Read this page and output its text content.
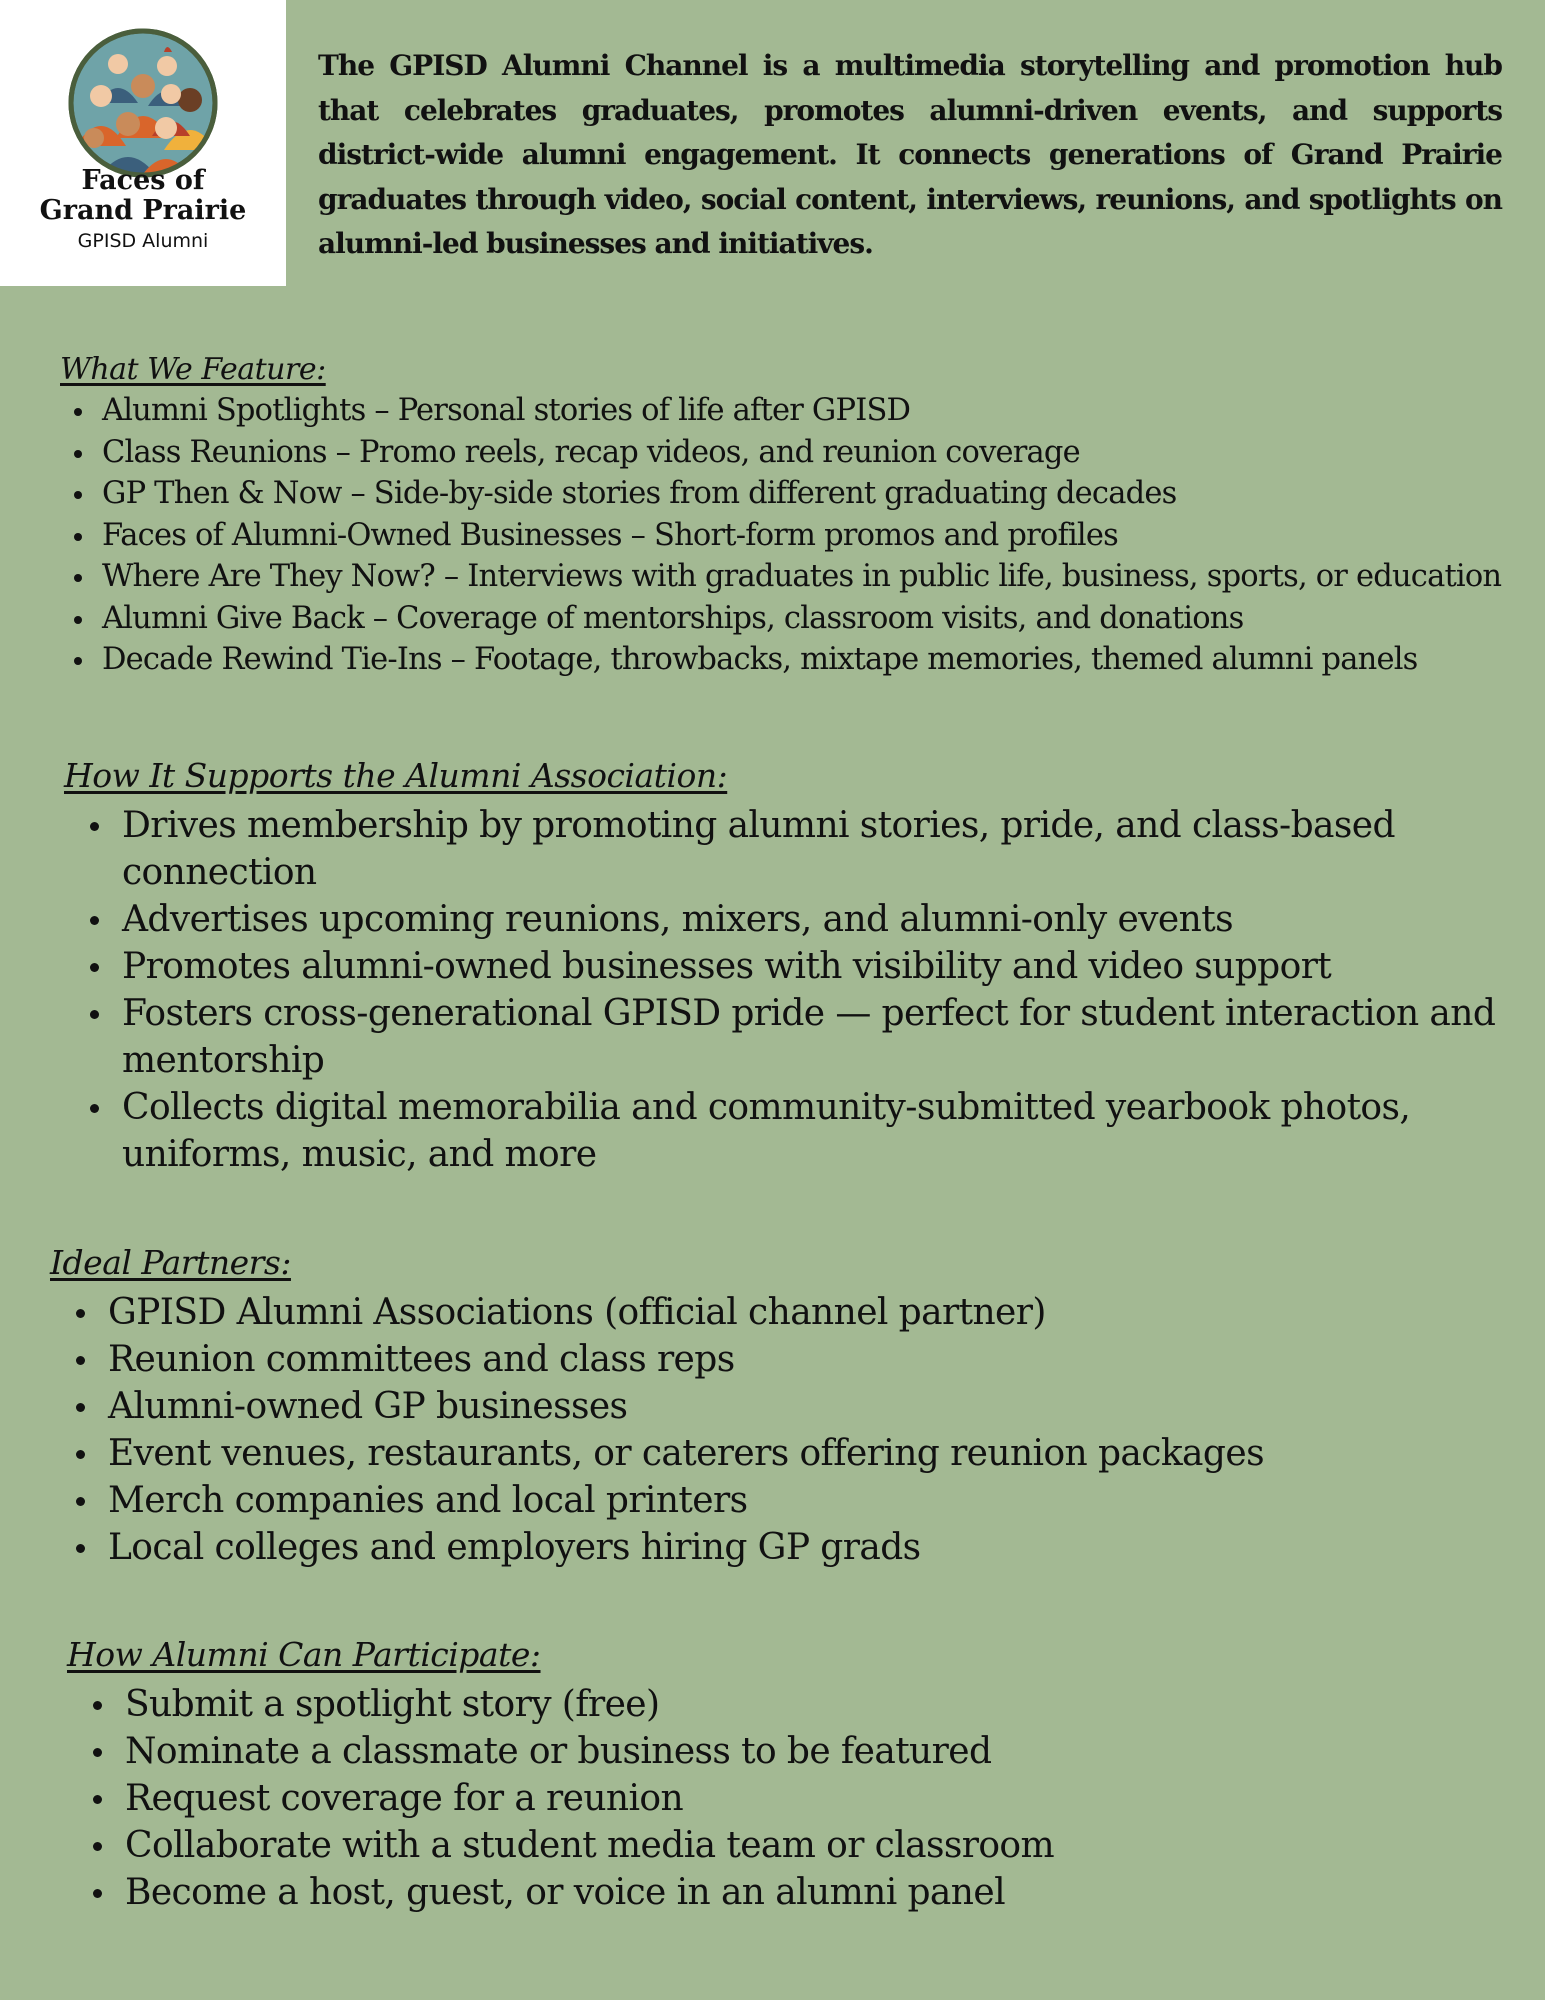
Faces of
Grand Prairie
GPISD Alumni

The GPISD Alumni Channel is a multimedia storytelling and promotion hub that celebrates graduates, promotes alumni-driven events, and supports district-wide alumni engagement. It connects generations of Grand Prairie graduates through video, social content, interviews, reunions, and spotlights on alumni-led businesses and initiatives.

What We Feature:
Alumni Spotlights – Personal stories of life after GPISD
Class Reunions – Promo reels, recap videos, and reunion coverage
GP Then & Now – Side-by-side stories from different graduating decades
Faces of Alumni-Owned Businesses – Short-form promos and profiles
Where Are They Now? – Interviews with graduates in public life, business, sports, or education
Alumni Give Back – Coverage of mentorships, classroom visits, and donations
Decade Rewind Tie-Ins – Footage, throwbacks, mixtape memories, themed alumni panels
How It Supports the Alumni Association:
Drives membership by promoting alumni stories, pride, and class-based connection
Advertises upcoming reunions, mixers, and alumni-only events
Promotes alumni-owned businesses with visibility and video support
Fosters cross-generational GPISD pride — perfect for student interaction and mentorship
Collects digital memorabilia and community-submitted yearbook photos, uniforms, music, and more
Ideal Partners:
GPISD Alumni Associations (official channel partner)
Reunion committees and class reps
Alumni-owned GP businesses
Event venues, restaurants, or caterers offering reunion packages
Merch companies and local printers
Local colleges and employers hiring GP grads
How Alumni Can Participate:
Submit a spotlight story (free)
Nominate a classmate or business to be featured
Request coverage for a reunion
Collaborate with a student media team or classroom
Become a host, guest, or voice in an alumni panel
